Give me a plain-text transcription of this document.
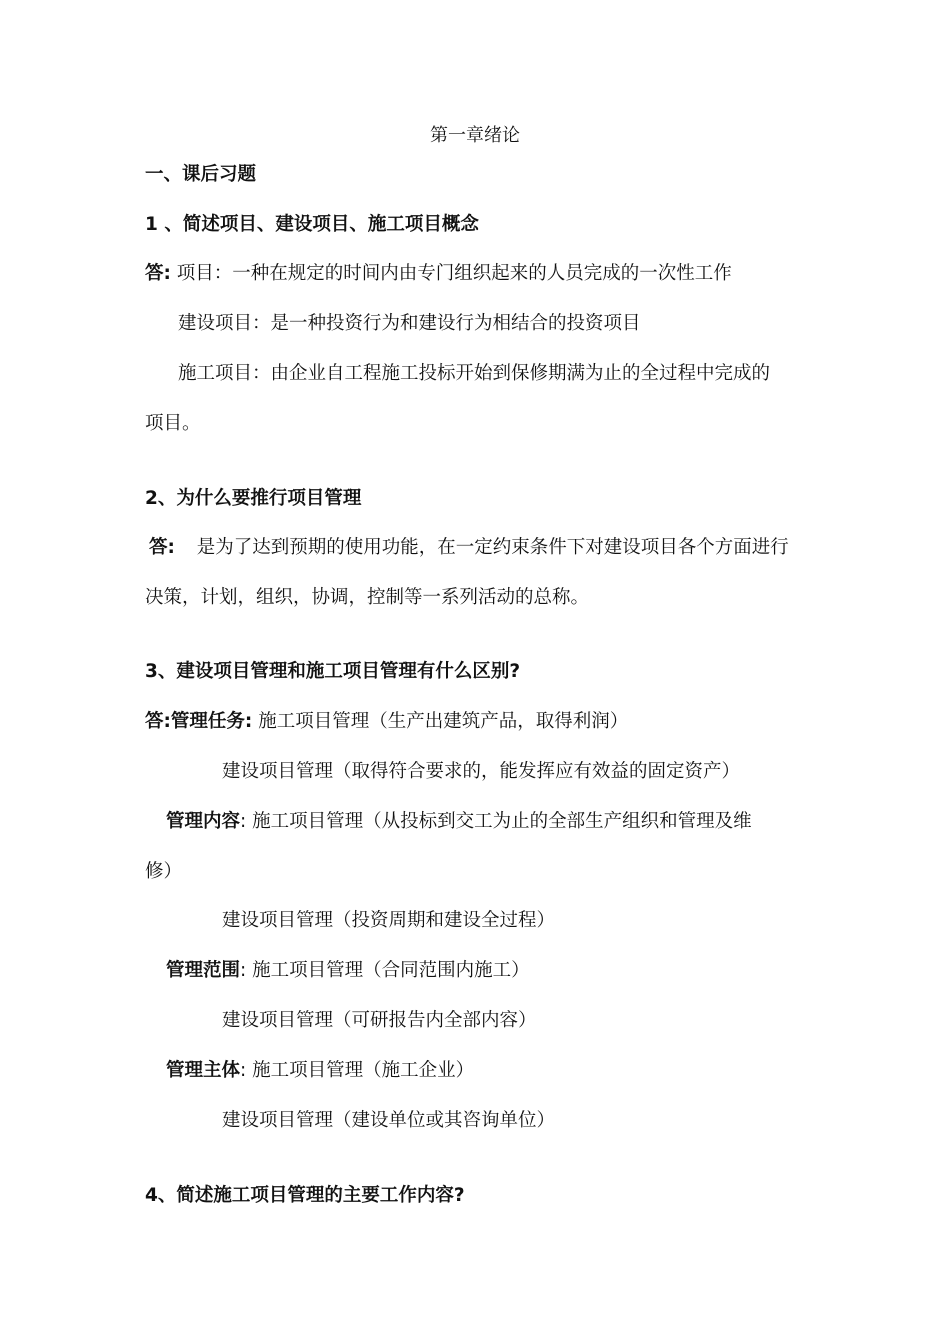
第一章绪论
一、课后习题
1 、简述项目、建设项目、施工项目概念
答: 项目：一种在规定的时间内由专门组织起来的人员完成的一次性工作
建设项目：是一种投资行为和建设行为相结合的投资项目
施工项目：由企业自工程施工投标开始到保修期满为止的全过程中完成的
项目。
2、为什么要推行项目管理
答: 是为了达到预期的使用功能，在一定约束条件下对建设项目各个方面进行
决策，计划，组织，协调，控制等一系列活动的总称。
3、建设项目管理和施工项目管理有什么区别?
答:管理任务: 施工项目管理（生产出建筑产品，取得利润）
建设项目管理（取得符合要求的，能发挥应有效益的固定资产）
管理内容: 施工项目管理（从投标到交工为止的全部生产组织和管理及维
修）
建设项目管理（投资周期和建设全过程）
管理范围: 施工项目管理（合同范围内施工）
建设项目管理（可研报告内全部内容）
管理主体: 施工项目管理（施工企业）
建设项目管理（建设单位或其咨询单位）
4、简述施工项目管理的主要工作内容?
